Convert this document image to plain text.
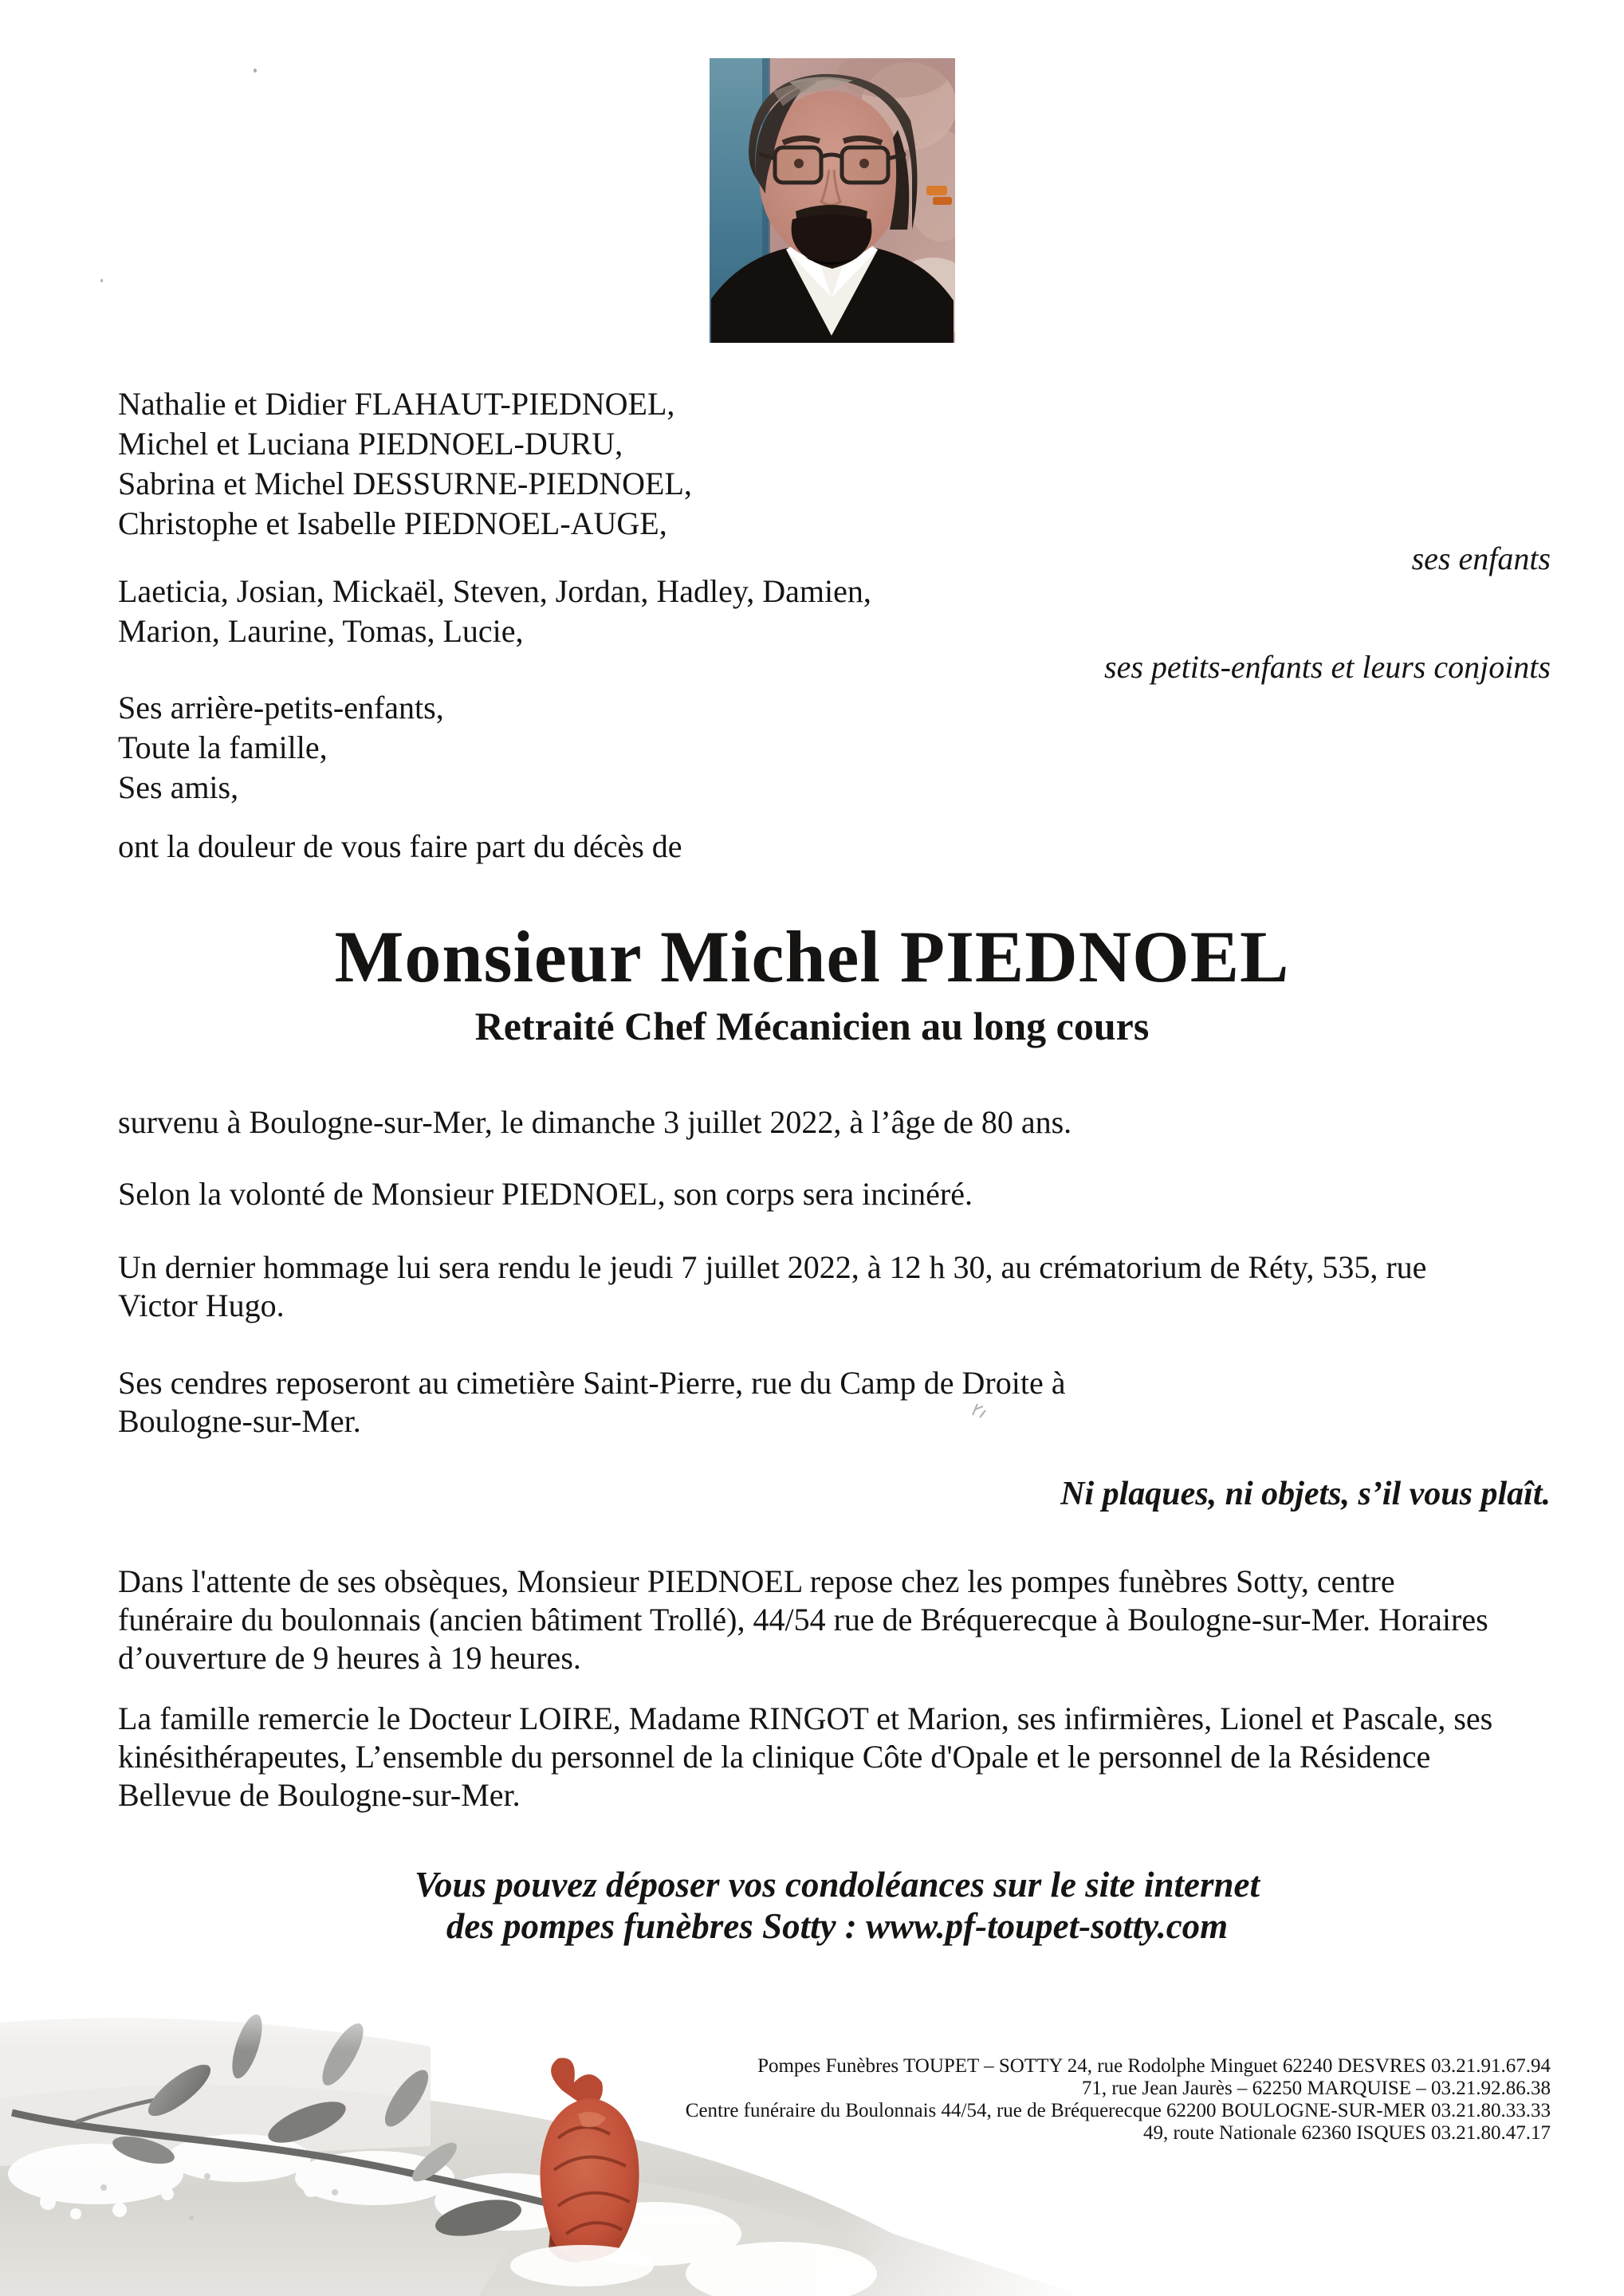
Nathalie et Didier FLAHAUT-PIEDNOEL,
Michel et Luciana PIEDNOEL-DURU,
Sabrina et Michel DESSURNE-PIEDNOEL,
Christophe et Isabelle PIEDNOEL-AUGE,
ses enfants
Laeticia, Josian, Mickaël, Steven, Jordan, Hadley, Damien,
Marion, Laurine, Tomas, Lucie,
ses petits-enfants et leurs conjoints
Ses arrière-petits-enfants,
Toute la famille,
Ses amis,
ont la douleur de vous faire part du décès de
Monsieur Michel PIEDNOEL
Retraité Chef Mécanicien au long cours
survenu à Boulogne-sur-Mer, le dimanche 3 juillet 2022, à l’âge de 80 ans.
Selon la volonté de Monsieur PIEDNOEL, son corps sera incinéré.
Un dernier hommage lui sera rendu le jeudi 7 juillet 2022, à 12 h 30, au crématorium de Réty, 535, rue
Victor Hugo.
Ses cendres reposeront au cimetière Saint-Pierre, rue du Camp de Droite à
Boulogne-sur-Mer.
Ni plaques, ni objets, s’il vous plaît.
Dans l'attente de ses obsèques, Monsieur PIEDNOEL repose chez les pompes funèbres Sotty, centre
funéraire du boulonnais (ancien bâtiment Trollé), 44/54 rue de Bréquerecque à Boulogne-sur-Mer. Horaires
d’ouverture de 9 heures à 19 heures.
La famille remercie le Docteur LOIRE, Madame RINGOT et Marion, ses infirmières, Lionel et Pascale, ses
kinésithérapeutes, L’ensemble du personnel de la clinique Côte d'Opale et le personnel de la Résidence
Bellevue de Boulogne-sur-Mer.
Vous pouvez déposer vos condoléances sur le site internet
des pompes funèbres Sotty : www.pf-toupet-sotty.com
Pompes Funèbres TOUPET – SOTTY 24, rue Rodolphe Minguet 62240 DESVRES 03.21.91.67.94
71, rue Jean Jaurès – 62250 MARQUISE – 03.21.92.86.38
Centre funéraire du Boulonnais 44/54, rue de Bréquerecque 62200 BOULOGNE-SUR-MER 03.21.80.33.33
49, route Nationale 62360 ISQUES 03.21.80.47.17
